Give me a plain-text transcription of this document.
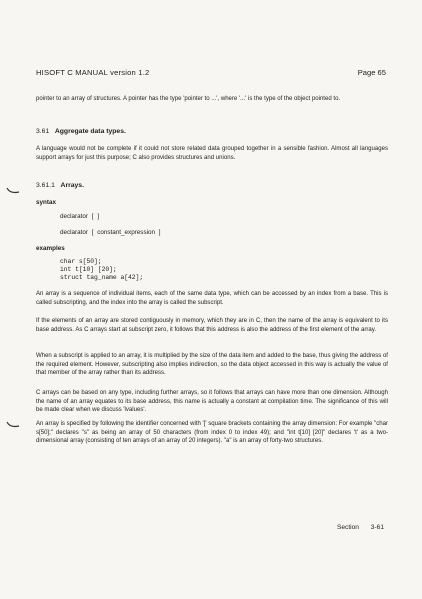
HISOFT C MANUAL version 1.2	Page 65
pointer to an array of structures. A pointer has the type 'pointer to ...', where '...' is the type of the object pointed to.
3.61 Aggregate data types.
A language would not be complete if it could not store related data grouped together in a sensible fashion. Almost all languages support arrays for just this purpose; C also provides structures and unions.
3.61.1 Arrays.
syntax
declarator [ ]
declarator [ constant_expression ]
examples
char s[50];
int t[10] [20];
struct tag_name a[42];
An array is a sequence of individual items, each of the same data type, which can be accessed by an index from a base. This is called subscripting, and the index into the array is called the subscript.
If the elements of an array are stored contiguously in memory, which they are in C, then the name of the array is equivalent to its base address. As C arrays start at subscript zero, it follows that this address is also the address of the first element of the array.
When a subscript is applied to an array, it is multiplied by the size of the data item and added to the base, thus giving the address of the required element. However, subscripting also implies indirection, so the data object accessed in this way is actually the value of that member of the array rather than its address.
C arrays can be based on any type, including further arrays, so it follows that arrays can have more than one dimension. Although the name of an array equates to its base address, this name is actually a constant at compilation time. The significance of this will be made clear when we discuss 'lvalues'.
An array is specified by following the identifier concerned with '[' square brackets containing the array dimension: For example "char s[50];" declares "s" as being an array of 50 characters (from index 0 to index 49); and "int t[10] [20]" declares 't' as a two-dimensional array (consisting of ten arrays of an array of 20 integers). "a" is an array of forty-two structures.
Section 3-61
